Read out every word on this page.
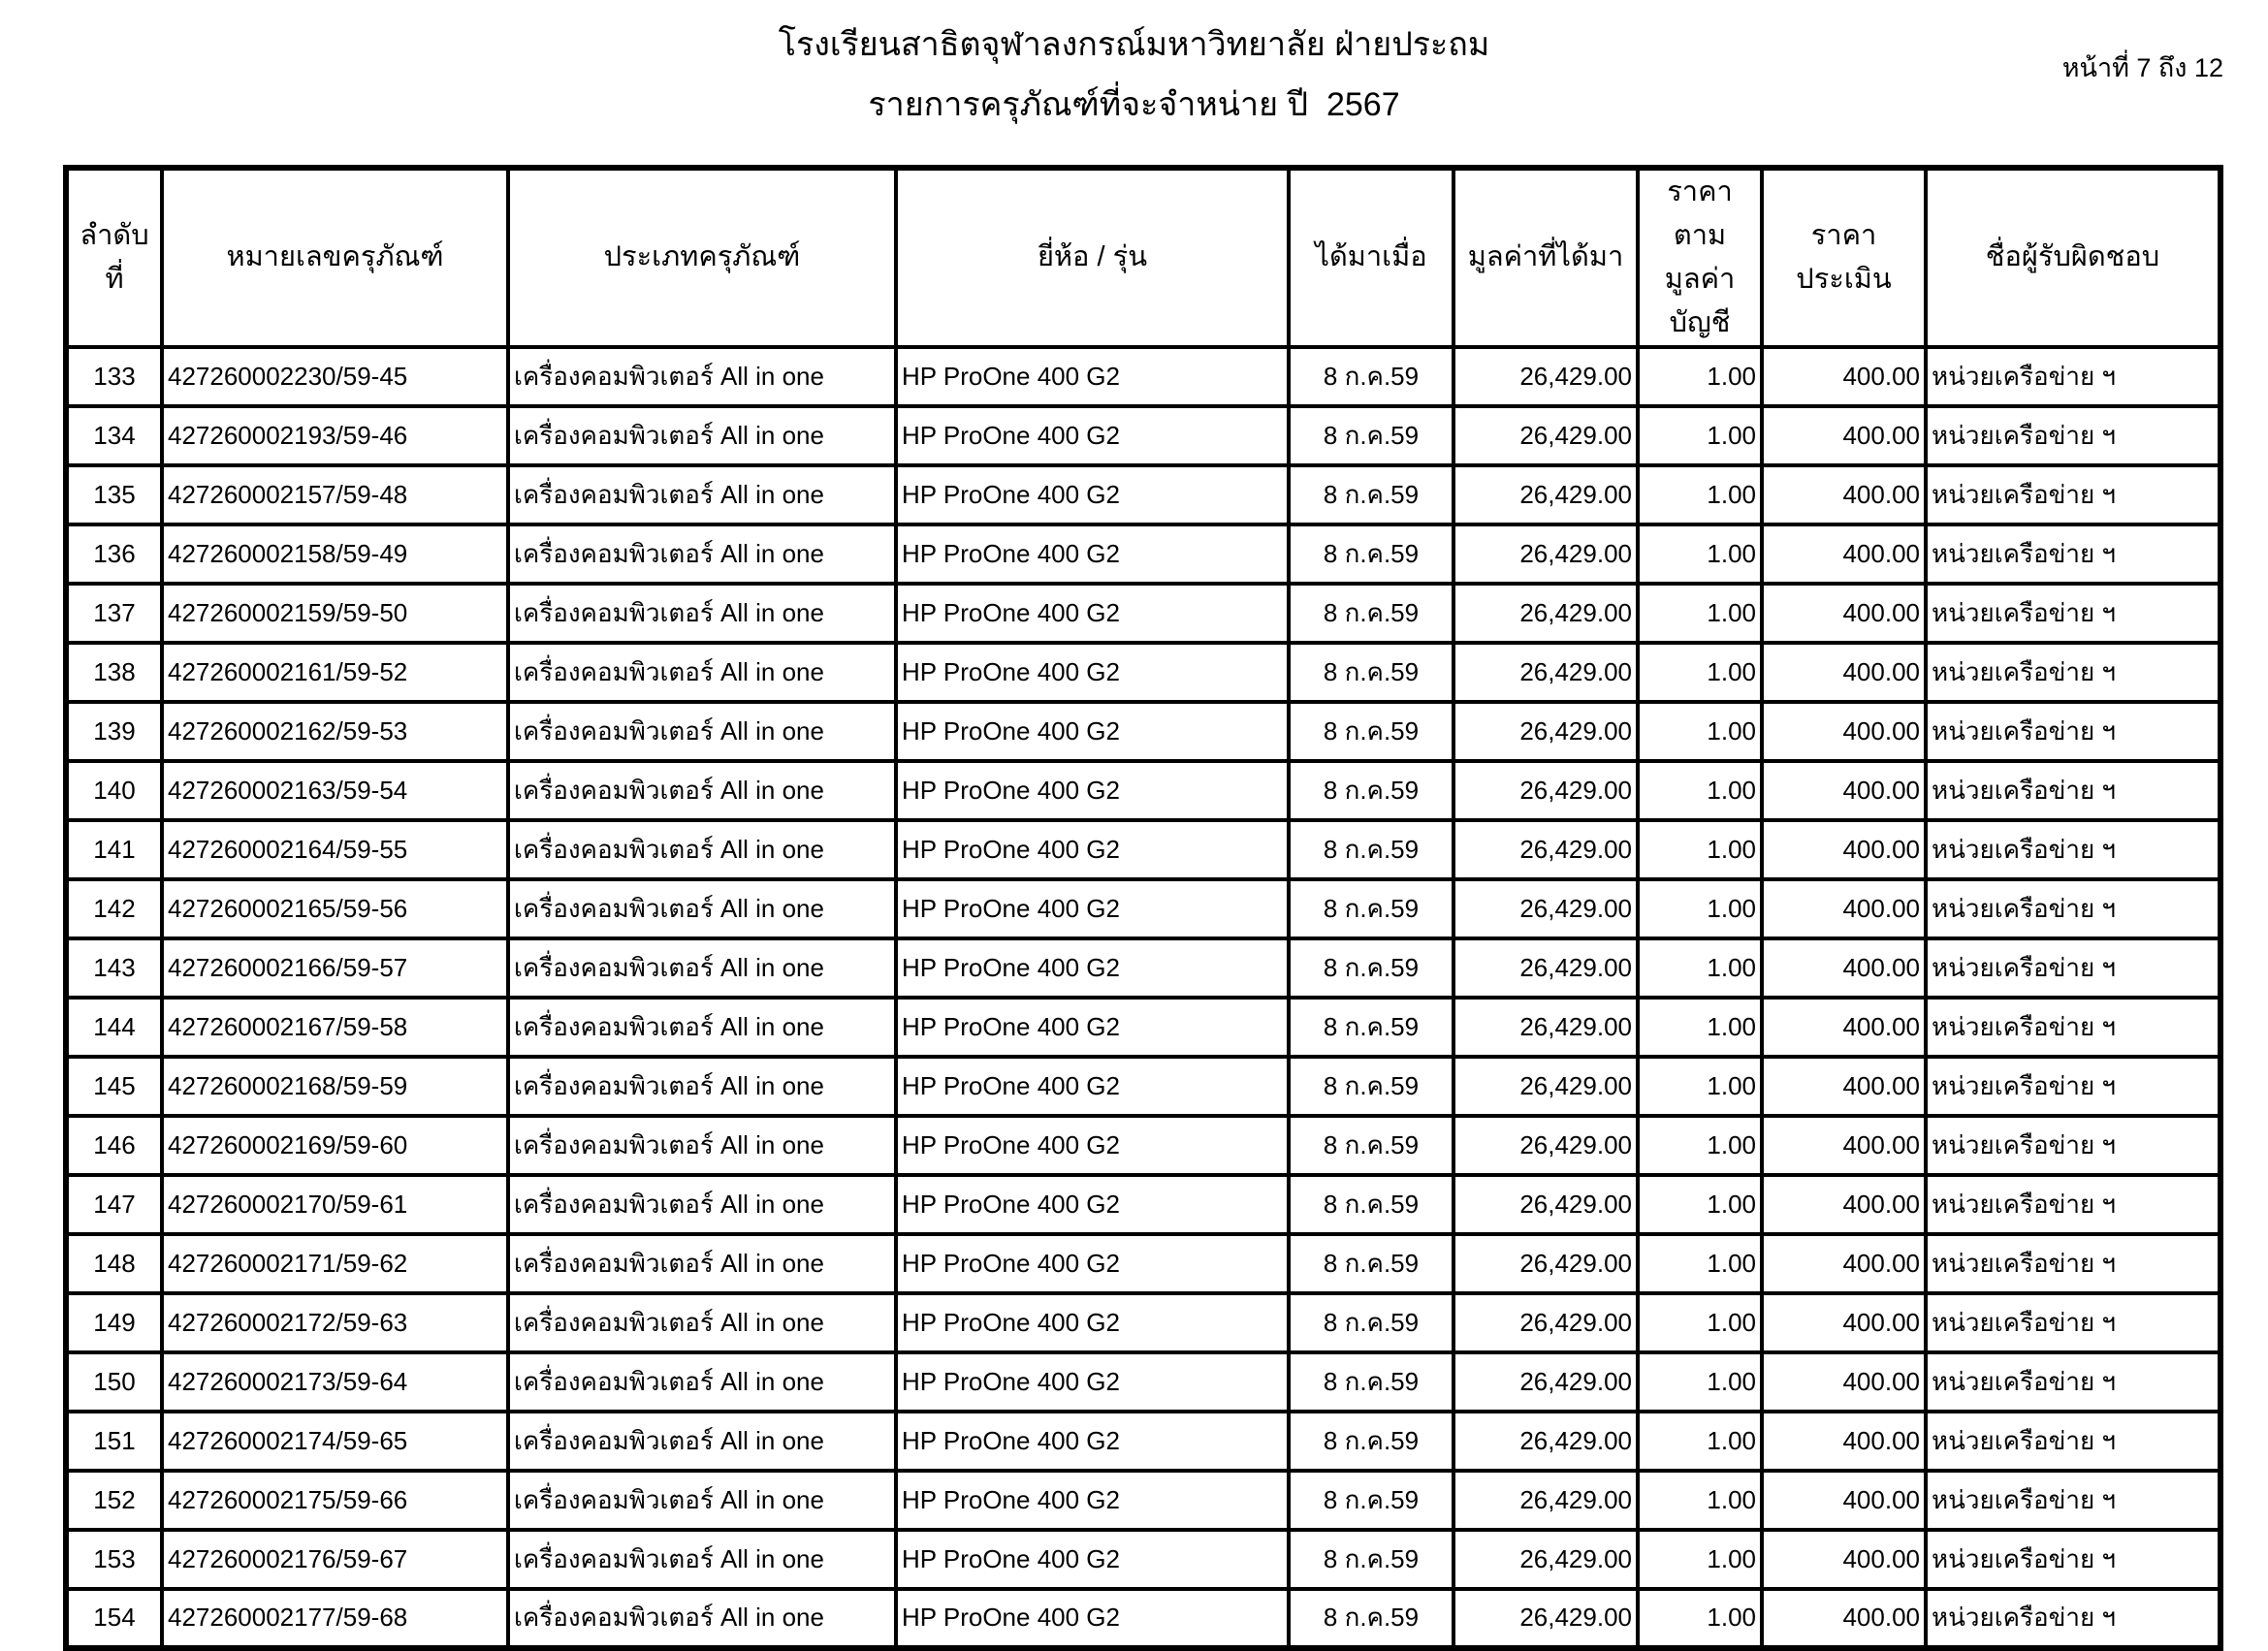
โรงเรียนสาธิตจุฬาลงกรณ์มหาวิทยาลัย ฝ่ายประถม
รายการครุภัณฑ์ที่จะจำหน่าย ปี  2567
หน้าที่ 7 ถึง 12
ลำดับที่	หมายเลขครุภัณฑ์	ประเภทครุภัณฑ์	ยี่ห้อ / รุ่น	ได้มาเมื่อ	มูลค่าที่ได้มา	ราคาตาม มูลค่าบัญชี	ราคาประเมิน	ชื่อผู้รับผิดชอบ
133	427260002230/59-45	เครื่องคอมพิวเตอร์ All in one	HP ProOne 400 G2	8 ก.ค.59	26,429.00	1.00	400.00	หน่วยเครือข่าย ฯ
134	427260002193/59-46	เครื่องคอมพิวเตอร์ All in one	HP ProOne 400 G2	8 ก.ค.59	26,429.00	1.00	400.00	หน่วยเครือข่าย ฯ
135	427260002157/59-48	เครื่องคอมพิวเตอร์ All in one	HP ProOne 400 G2	8 ก.ค.59	26,429.00	1.00	400.00	หน่วยเครือข่าย ฯ
136	427260002158/59-49	เครื่องคอมพิวเตอร์ All in one	HP ProOne 400 G2	8 ก.ค.59	26,429.00	1.00	400.00	หน่วยเครือข่าย ฯ
137	427260002159/59-50	เครื่องคอมพิวเตอร์ All in one	HP ProOne 400 G2	8 ก.ค.59	26,429.00	1.00	400.00	หน่วยเครือข่าย ฯ
138	427260002161/59-52	เครื่องคอมพิวเตอร์ All in one	HP ProOne 400 G2	8 ก.ค.59	26,429.00	1.00	400.00	หน่วยเครือข่าย ฯ
139	427260002162/59-53	เครื่องคอมพิวเตอร์ All in one	HP ProOne 400 G2	8 ก.ค.59	26,429.00	1.00	400.00	หน่วยเครือข่าย ฯ
140	427260002163/59-54	เครื่องคอมพิวเตอร์ All in one	HP ProOne 400 G2	8 ก.ค.59	26,429.00	1.00	400.00	หน่วยเครือข่าย ฯ
141	427260002164/59-55	เครื่องคอมพิวเตอร์ All in one	HP ProOne 400 G2	8 ก.ค.59	26,429.00	1.00	400.00	หน่วยเครือข่าย ฯ
142	427260002165/59-56	เครื่องคอมพิวเตอร์ All in one	HP ProOne 400 G2	8 ก.ค.59	26,429.00	1.00	400.00	หน่วยเครือข่าย ฯ
143	427260002166/59-57	เครื่องคอมพิวเตอร์ All in one	HP ProOne 400 G2	8 ก.ค.59	26,429.00	1.00	400.00	หน่วยเครือข่าย ฯ
144	427260002167/59-58	เครื่องคอมพิวเตอร์ All in one	HP ProOne 400 G2	8 ก.ค.59	26,429.00	1.00	400.00	หน่วยเครือข่าย ฯ
145	427260002168/59-59	เครื่องคอมพิวเตอร์ All in one	HP ProOne 400 G2	8 ก.ค.59	26,429.00	1.00	400.00	หน่วยเครือข่าย ฯ
146	427260002169/59-60	เครื่องคอมพิวเตอร์ All in one	HP ProOne 400 G2	8 ก.ค.59	26,429.00	1.00	400.00	หน่วยเครือข่าย ฯ
147	427260002170/59-61	เครื่องคอมพิวเตอร์ All in one	HP ProOne 400 G2	8 ก.ค.59	26,429.00	1.00	400.00	หน่วยเครือข่าย ฯ
148	427260002171/59-62	เครื่องคอมพิวเตอร์ All in one	HP ProOne 400 G2	8 ก.ค.59	26,429.00	1.00	400.00	หน่วยเครือข่าย ฯ
149	427260002172/59-63	เครื่องคอมพิวเตอร์ All in one	HP ProOne 400 G2	8 ก.ค.59	26,429.00	1.00	400.00	หน่วยเครือข่าย ฯ
150	427260002173/59-64	เครื่องคอมพิวเตอร์ All in one	HP ProOne 400 G2	8 ก.ค.59	26,429.00	1.00	400.00	หน่วยเครือข่าย ฯ
151	427260002174/59-65	เครื่องคอมพิวเตอร์ All in one	HP ProOne 400 G2	8 ก.ค.59	26,429.00	1.00	400.00	หน่วยเครือข่าย ฯ
152	427260002175/59-66	เครื่องคอมพิวเตอร์ All in one	HP ProOne 400 G2	8 ก.ค.59	26,429.00	1.00	400.00	หน่วยเครือข่าย ฯ
153	427260002176/59-67	เครื่องคอมพิวเตอร์ All in one	HP ProOne 400 G2	8 ก.ค.59	26,429.00	1.00	400.00	หน่วยเครือข่าย ฯ
154	427260002177/59-68	เครื่องคอมพิวเตอร์ All in one	HP ProOne 400 G2	8 ก.ค.59	26,429.00	1.00	400.00	หน่วยเครือข่าย ฯ
